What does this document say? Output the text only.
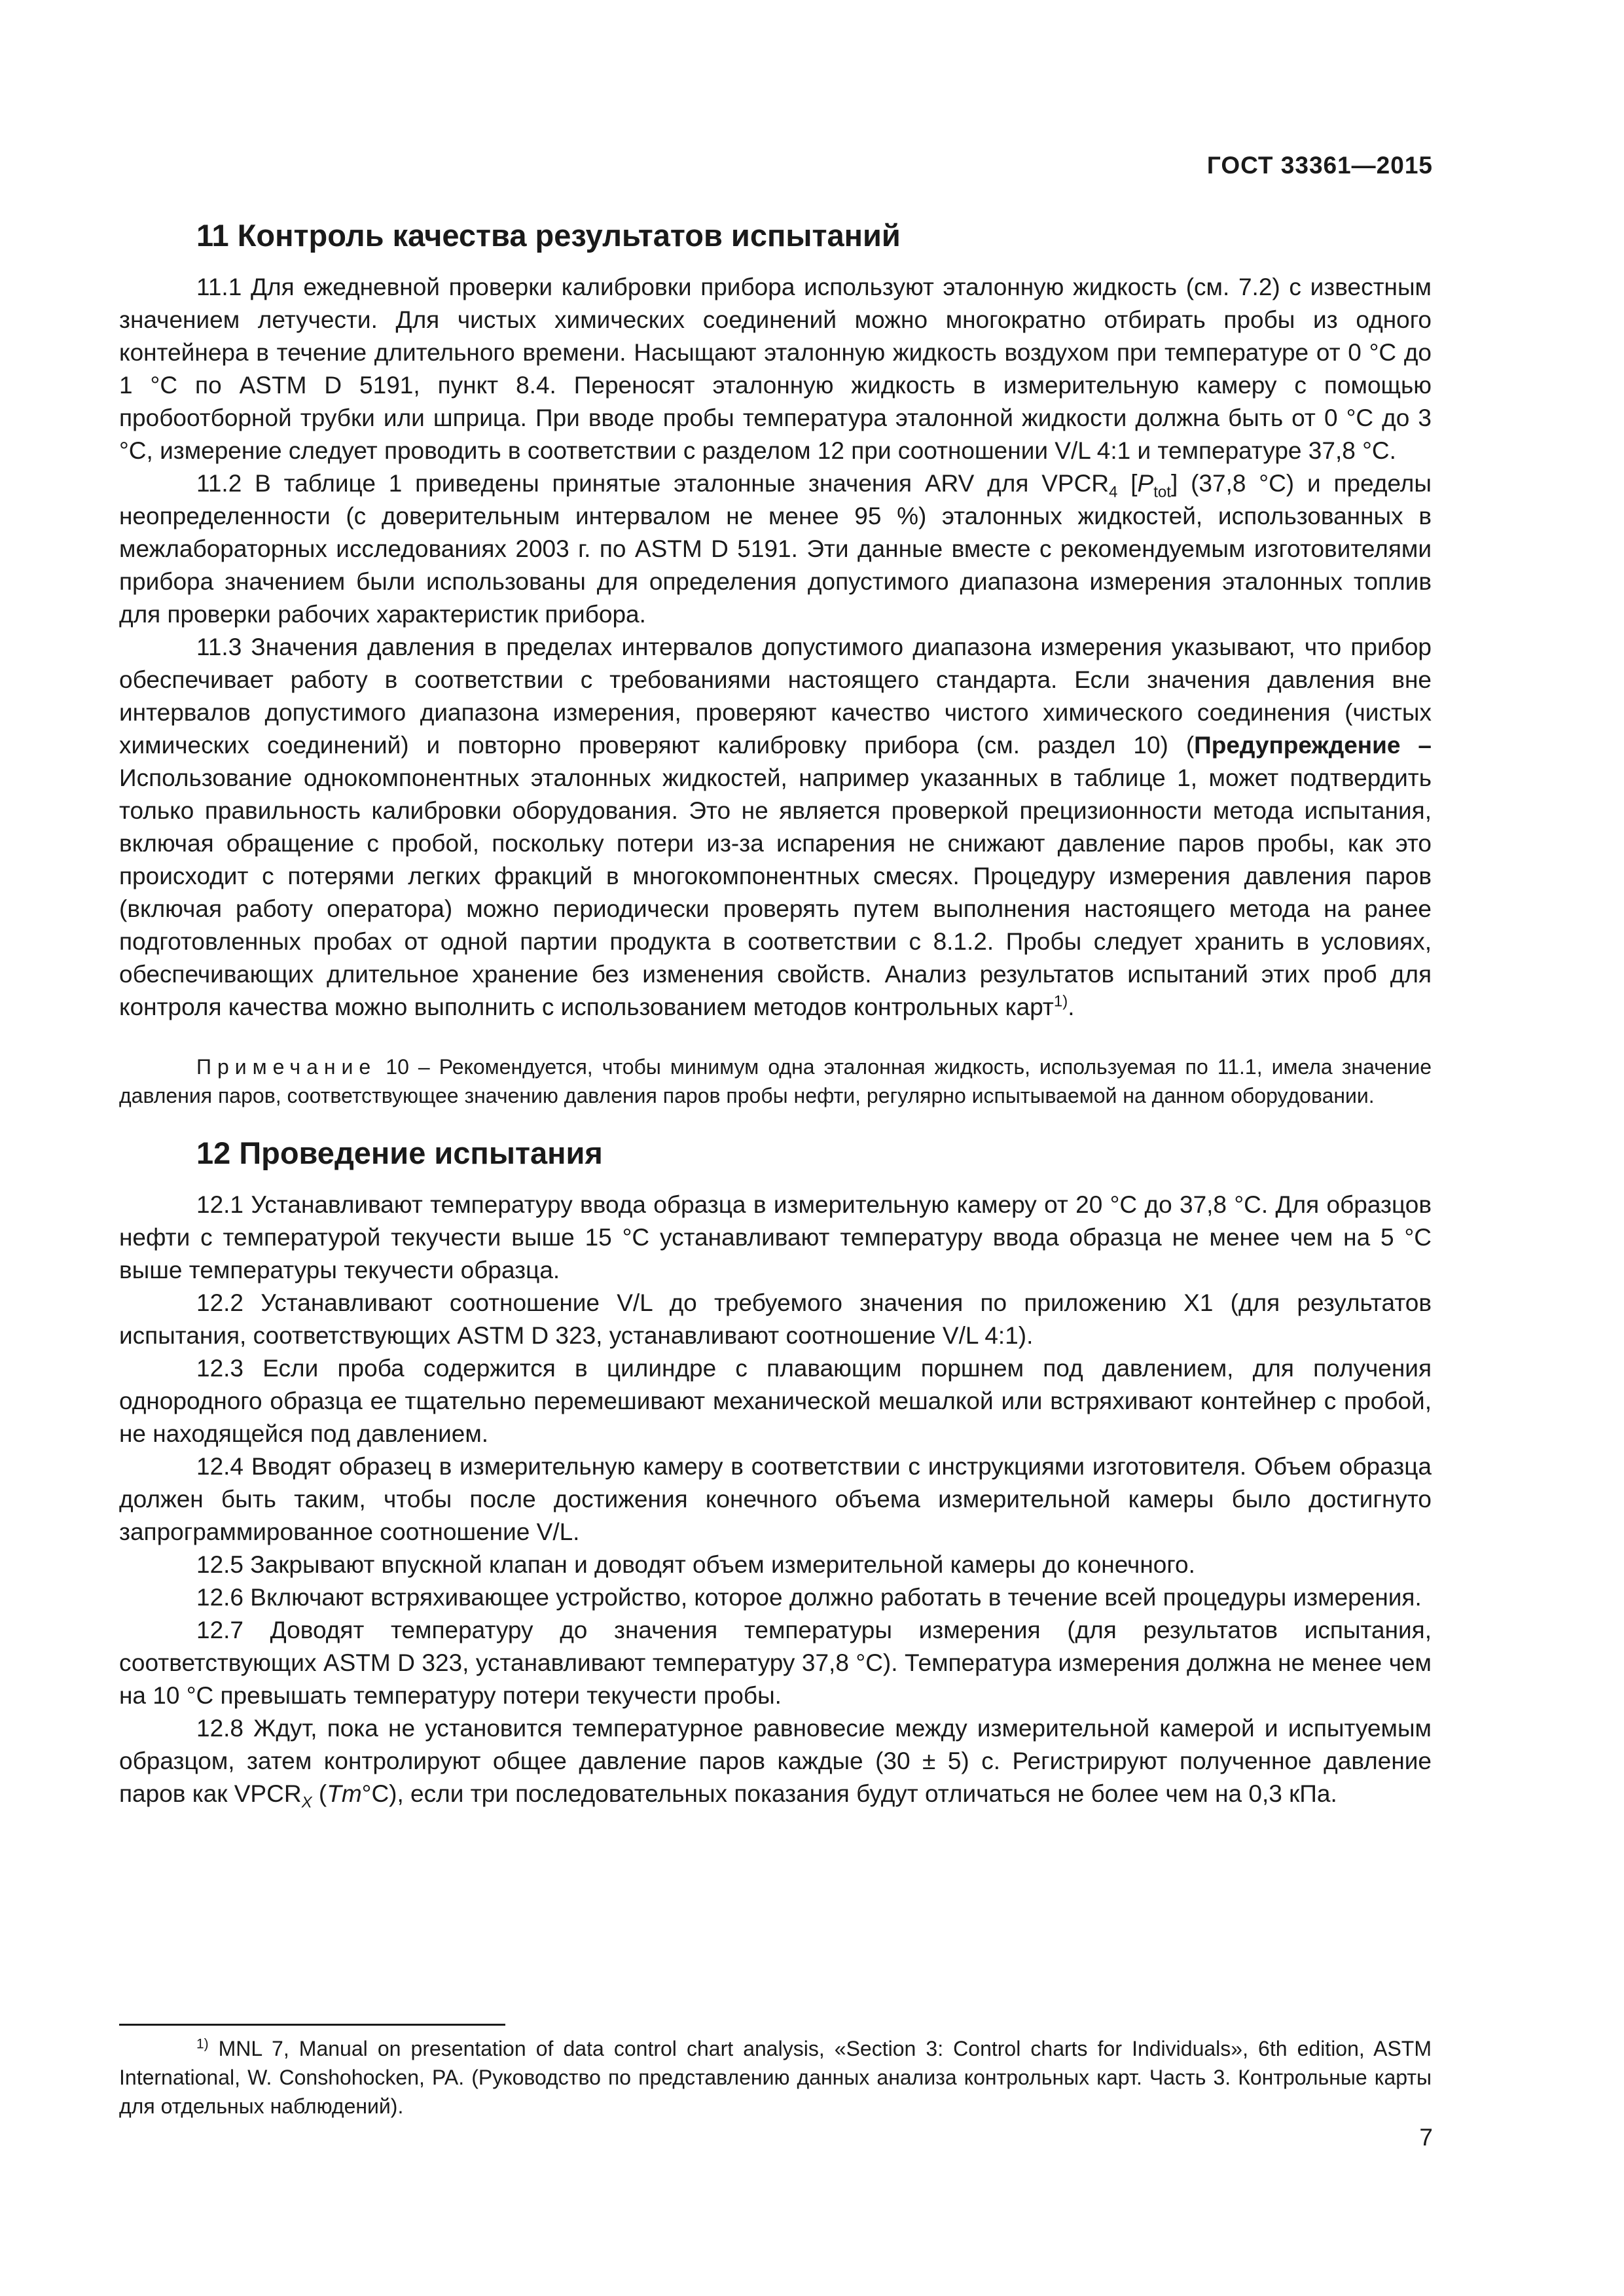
ГОСТ 33361—2015
11 Контроль качества результатов испытаний

11.1 Для ежедневной проверки калибровки прибора используют эталонную жидкость (см. 7.2) с известным значением летучести. Для чистых химических соединений можно многократно отбирать пробы из одного контейнера в течение длительного времени. Насыщают эталонную жидкость воздухом при температуре от 0 °С до 1 °С по ASTM D 5191, пункт 8.4. Переносят эталонную жидкость в измерительную камеру с помощью пробоотборной трубки или шприца. При вводе пробы температура эталонной жидкости должна быть от 0 °С до 3 °С, измерение следует проводить в соответствии с разделом 12 при соотношении V/L 4:1 и температуре 37,8 °С.

11.2 В таблице 1 приведены принятые эталонные значения ARV для $VPCR_4$ $[P_{tot}]$ (37,8 °С) и пределы неопределенности (с доверительным интервалом не менее 95 %) эталонных жидкостей, использованных в межлабораторных исследованиях 2003 г. по ASTM D 5191. Эти данные вместе с рекомендуемым изготовителями прибора значением были использованы для определения допустимого диапазона измерения эталонных топлив для проверки рабочих характеристик прибора.

11.3 Значения давления в пределах интервалов допустимого диапазона измерения указывают, что прибор обеспечивает работу в соответствии с требованиями настоящего стандарта. Если значения давления вне интервалов допустимого диапазона измерения, проверяют качество чистого химического соединения (чистых химических соединений) и повторно проверяют калибровку прибора (см. раздел 10) (Предупреждение – Использование однокомпонентных эталонных жидкостей, например указанных в таблице 1, может подтвердить только правильность калибровки оборудования. Это не является проверкой прецизионности метода испытания, включая обращение с пробой, поскольку потери из-за испарения не снижают давление паров пробы, как это происходит с потерями легких фракций в многокомпонентных смесях. Процедуру измерения давления паров (включая работу оператора) можно периодически проверять путем выполнения настоящего метода на ранее подготовленных пробах от одной партии продукта в соответствии с 8.1.2. Пробы следует хранить в условиях, обеспечивающих длительное хранение без изменения свойств. Анализ результатов испытаний этих проб для контроля качества можно выполнить с использованием методов контрольных карт$^{1)}$.

Примечание 10 – Рекомендуется, чтобы минимум одна эталонная жидкость, используемая по 11.1, имела значение давления паров, соответствующее значению давления паров пробы нефти, регулярно испытываемой на данном оборудовании.

12 Проведение испытания

12.1 Устанавливают температуру ввода образца в измерительную камеру от 20 °С до 37,8 °С. Для образцов нефти с температурой текучести выше 15 °С устанавливают температуру ввода образца не менее чем на 5 °С выше температуры текучести образца.

12.2 Устанавливают соотношение V/L до требуемого значения по приложению Х1 (для результатов испытания, соответствующих ASTM D 323, устанавливают соотношение V/L 4:1).

12.3 Если проба содержится в цилиндре с плавающим поршнем под давлением, для получения однородного образца ее тщательно перемешивают механической мешалкой или встряхивают контейнер с пробой, не находящейся под давлением.

12.4 Вводят образец в измерительную камеру в соответствии с инструкциями изготовителя. Объем образца должен быть таким, чтобы после достижения конечного объема измерительной камеры было достигнуто запрограммированное соотношение V/L.

12.5 Закрывают впускной клапан и доводят объем измерительной камеры до конечного.

12.6 Включают встряхивающее устройство, которое должно работать в течение всей процедуры измерения.

12.7 Доводят температуру до значения температуры измерения (для результатов испытания, соответствующих ASTM D 323, устанавливают температуру 37,8 °С). Температура измерения должна не менее чем на 10 °С превышать температуру потери текучести пробы.

12.8 Ждут, пока не установится температурное равновесие между измерительной камерой и испытуемым образцом, затем контролируют общее давление паров каждые (30 ± 5) с. Регистрируют полученное давление паров как $VPCR_X$ (Tm°С), если три последовательных показания будут отличаться не более чем на 0,3 кПа.

$^{1)}$ MNL 7, Manual on presentation of data control chart analysis, «Section 3: Control charts for Individuals», 6th edition, ASTM International, W. Conshohocken, PA. (Руководство по представлению данных анализа контрольных карт. Часть 3. Контрольные карты для отдельных наблюдений).
7
